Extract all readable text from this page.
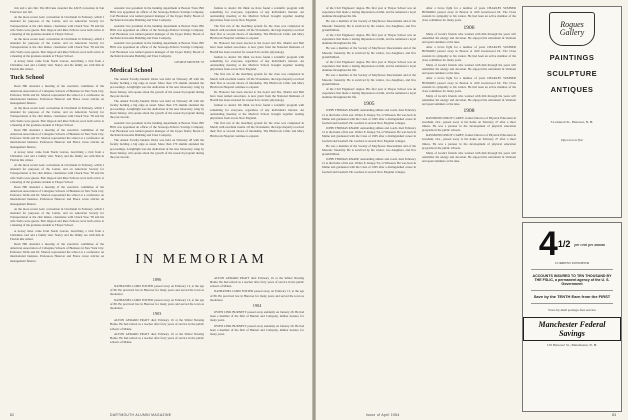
rick and a ski club. The McCune awarded the ASCE recreation in San Francisco last fall.

At the more recent AAC convention in Cincinnati in February, which I attended for purposes of the Center, and on American Society for Transportation at the club dinner, classmates with Chuck Woo '58 and his wife Stella were guests. Bob Osgood and Russ Fellows were both active at a meeting of the graduate student at Thayer School.

At the more recent AAC convention in Cincinnati in February, which I attended for purposes of the Center, and on American Society for Transportation at the club dinner, classmates with Chuck Woo '58 and his wife Stella were guests. Bob Osgood and Russ Fellows were both active at a meeting of the graduate student at Thayer School.

A newsy letter came from Norm Gravas, describing a visit from a Christmas card and a family visit. Nancy and the family are with him in Florida this winter.

Tuck School

Dean Hill attended a meeting of the executive committee of the American Association of Collegiate Schools of Business in New York City. Professor Wells and Dr. Morton represented the school at a conference on international business. Professors Hanover and Bruce wrote articles on management finance.

At the more recent AAC convention in Cincinnati in February, which I attended for purposes of the Center, and on American Society for Transportation at the club dinner, classmates with Chuck Woo '58 and his wife Stella were guests. Bob Osgood and Russ Fellows were both active at a meeting of the graduate student at Thayer School.

Dean Hill attended a meeting of the executive committee of the American Association of Collegiate Schools of Business in New York City. Professor Wells and Dr. Morton represented the school at a conference on international business. Professors Hanover and Bruce wrote articles on management finance.

A newsy letter came from Norm Gravas, describing a visit from a Christmas card and a family visit. Nancy and the family are with him in Florida this winter.

At the more recent AAC convention in Cincinnati in February, which I attended for purposes of the Center, and on American Society for Transportation at the club dinner, classmates with Chuck Woo '58 and his wife Stella were guests. Bob Osgood and Russ Fellows were both active at a meeting of the graduate student at Thayer School.

Dean Hill attended a meeting of the executive committee of the American Association of Collegiate Schools of Business in New York City. Professor Wells and Dr. Morton represented the school at a conference on international business. Professors Hanover and Bruce wrote articles on management finance.

At the more recent AAC convention in Cincinnati in February, which I attended for purposes of the Center, and on American Society for Transportation at the club dinner, classmates with Chuck Woo '58 and his wife Stella were guests. Bob Osgood and Russ Fellows were both active at a meeting of the graduate student at Thayer School.

A newsy letter came from Norm Gravas, describing a visit from a Christmas card and a family visit. Nancy and the family are with him in Florida this winter.

Dean Hill attended a meeting of the executive committee of the American Association of Collegiate Schools of Business in New York City. Professor Wells and Dr. Morton represented the school at a conference on international business. Professors Hanover and Bruce wrote articles on management finance.

assistant vice president in the banking department at Boston Trust. Bill Hills was appointed an officer of the Saratoga-Fellows Savings Company. Carl Bredeson was named general manager of the Upper Darby Board of the Penn Ironworks Building and Trust Company.

assistant vice president in the banking department at Boston Trust. Bill Hills was appointed an officer of the Saratoga-Fellows Savings Company. Carl Bredeson was named general manager of the Upper Darby Board of the Penn Ironworks Building and Trust Company.

assistant vice president in the banking department at Boston Trust. Bill Hills was appointed an officer of the Saratoga-Fellows Savings Company. Carl Bredeson was named general manager of the Upper Darby Board of the Penn Ironworks Building and Trust Company.

GEORGE DROWNE '53
Medical School

The annual Faculty-Student Weiss was held on February 28 with the faculty holding a big edge as usual. More than 170 alumni attended the proceedings. A highlight was the dedication of the new laboratory wing by Dean Tenney, who spoke about the growth of the research program during the past decade.

The annual Faculty-Student Weiss was held on February 28 with the faculty holding a big edge as usual. More than 170 alumni attended the proceedings. A highlight was the dedication of the new laboratory wing by Dean Tenney, who spoke about the growth of the research program during the past decade.

assistant vice president in the banking department at Boston Trust. Bill Hills was appointed an officer of the Saratoga-Fellows Savings Company. Carl Bredeson was named general manager of the Upper Darby Board of the Penn Ironworks Building and Trust Company.

The annual Faculty-Student Weiss was held on February 28 with the faculty holding a big edge as usual. More than 170 alumni attended the proceedings. A highlight was the dedication of the new laboratory wing by Dean Tenney, who spoke about the growth of the research program during the past decade.

fashion to attend. We think we have found a scientific program with something for everyone, regardless of any individual's interest. An outstanding meeting at the Medical School brought together leading physicians from across New England.

The first run of the matching system for the class was completed in March with excellent results. Of the 56 students, the large majority received their first or second choice of internship. The Hitchcock Clinic and Mary Hitchcock Hospital continue to expand.

Dr. Hanover has been elected to the board and Drs. Martin and Bell have been named associates. A new grant from the National Institutes of Health has been awarded for research in cardiac physiology.

fashion to attend. We think we have found a scientific program with something for everyone, regardless of any individual's interest. An outstanding meeting at the Medical School brought together leading physicians from across New England.

The first run of the matching system for the class was completed in March with excellent results. Of the 56 students, the large majority received their first or second choice of internship. The Hitchcock Clinic and Mary Hitchcock Hospital continue to expand.

Dr. Hanover has been elected to the board and Drs. Martin and Bell have been named associates. A new grant from the National Institutes of Health has been awarded for research in cardiac physiology.

fashion to attend. We think we have found a scientific program with something for everyone, regardless of any individual's interest. An outstanding meeting at the Medical School brought together leading physicians from across New England.

The first run of the matching system for the class was completed in March with excellent results. Of the 56 students, the large majority received their first or second choice of internship. The Hitchcock Clinic and Mary Hitchcock Hospital continue to expand.

IN MEMORIAM
1896

NATHANIEL LORD FOSTER passed away on February 13, at the age of 89. He practiced law in Hanover for many years and served the town as moderator.

NATHANIEL LORD FOSTER passed away on February 13, at the age of 89. He practiced law in Hanover for many years and served the town as moderator.

1903

ALTON GERARD PRATT died February 16 at the Sibbel Nursing Home. He had retired as a teacher after forty years of service in the public schools of Maine.

ALTON GERARD PRATT died February 16 at the Sibbel Nursing Home. He had retired as a teacher after forty years of service in the public schools of Maine.

ALTON GERARD PRATT died February 16 at the Sibbel Nursing Home. He had retired as a teacher after forty years of service in the public schools of Maine.

NATHANIEL LORD FOSTER passed away on February 13, at the age of 89. He practiced law in Hanover for many years and served the town as moderator.

1904

OWEN LINK BURNETT passed away suddenly on January 29. He had been a member of the firm of Burnett and Company, lumber dealers, for many years.

OWEN LINK BURNETT passed away suddenly on January 29. He had been a member of the firm of Burnett and Company, lumber dealers, for many years.

82	DARTMOUTH ALUMNI MAGAZINE

of the Civil Engineers' degree. His first year at Thayer School was an experience that made a lasting impression on him, and he remained a loyal alumnus throughout his life.

He was a member of the Society of Mayflower Descendants and of the Masonic fraternity. He is survived by his widow, two daughters, and five grandchildren.

of the Civil Engineers' degree. His first year at Thayer School was an experience that made a lasting impression on him, and he remained a loyal alumnus throughout his life.

He was a member of the Society of Mayflower Descendants and of the Masonic fraternity. He is survived by his widow, two daughters, and five grandchildren.

of the Civil Engineers' degree. His first year at Thayer School was an experience that made a lasting impression on him, and he remained a loyal alumnus throughout his life.

He was a member of the Society of Mayflower Descendants and of the Masonic fraternity. He is survived by his widow, two daughters, and five grandchildren.

of the Civil Engineers' degree. His first year at Thayer School was an experience that made a lasting impression on him, and he remained a loyal alumnus throughout his life.

1905

JOHN THOMAS KNAPP, outstanding athlete and coach, died February 12 at the home of his son. Walter E. Knapp '34, at Wheaton. He was born in Maine and graduated with the Class of 1905 after a distinguished career in football and baseball. He coached at several New England colleges.

JOHN THOMAS KNAPP, outstanding athlete and coach, died February 12 at the home of his son. Walter E. Knapp '34, at Wheaton. He was born in Maine and graduated with the Class of 1905 after a distinguished career in football and baseball. He coached at several New England colleges.

He was a member of the Society of Mayflower Descendants and of the Masonic fraternity. He is survived by his widow, two daughters, and five grandchildren.

JOHN THOMAS KNAPP, outstanding athlete and coach, died February 12 at the home of his son. Walter E. Knapp '34, at Wheaton. He was born in Maine and graduated with the Class of 1905 after a distinguished career in football and baseball. He coached at several New England colleges.

After a brave fight for a number of years CHARLES SUMNER HOWARD passed away in Boston at 4:00 Greenwood Dr. The Class extends its sympathy to his widow. He had been an active member of the class committee for many years.

1906

Many of Grant's friends who worked with him through the years will remember his energy and devotion. He enjoyed his retirement in Vermont and spent summers at the lake.

After a brave fight for a number of years CHARLES SUMNER HOWARD passed away in Boston at 4:00 Greenwood Dr. The Class extends its sympathy to his widow. He had been an active member of the class committee for many years.

Many of Grant's friends who worked with him through the years will remember his energy and devotion. He enjoyed his retirement in Vermont and spent summers at the lake.

After a brave fight for a number of years CHARLES SUMNER HOWARD passed away in Boston at 4:00 Greenwood Dr. The Class extends its sympathy to his widow. He had been an active member of the class committee for many years.

Many of Grant's friends who worked with him through the years will remember his energy and devotion. He enjoyed his retirement in Vermont and spent summers at the lake.

1908

RAYMOND LEROY CAREY, former Director of Physical Education in Gresham, Ore., passed away at his home on February 27 after a short illness. He was a pioneer in the development of physical education programs in the public schools.

RAYMOND LEROY CAREY, former Director of Physical Education in Gresham, Ore., passed away at his home on February 27 after a short illness. He was a pioneer in the development of physical education programs in the public schools.

Many of Grant's friends who worked with him through the years will remember his energy and devotion. He enjoyed his retirement in Vermont and spent summers at the lake.

Rogues Gallery
PAINTINGS
SCULPTURE
ANTIQUES
3 Lebanon St., Hanover, N. H.
Open ten to five
41/2 per cent per annum
CURRENT DIVIDEND
ACCOUNTS INSURED TO TEN THOUSAND BY THE FSLIC, a permanent agency of the U. S. Government
Save by the TENTH Earn from the FIRST
Save-by-mail postage-free service
Manchester Federal Savings
135 Hanover St., Manchester, N. H.
Issue of April 1964	83
